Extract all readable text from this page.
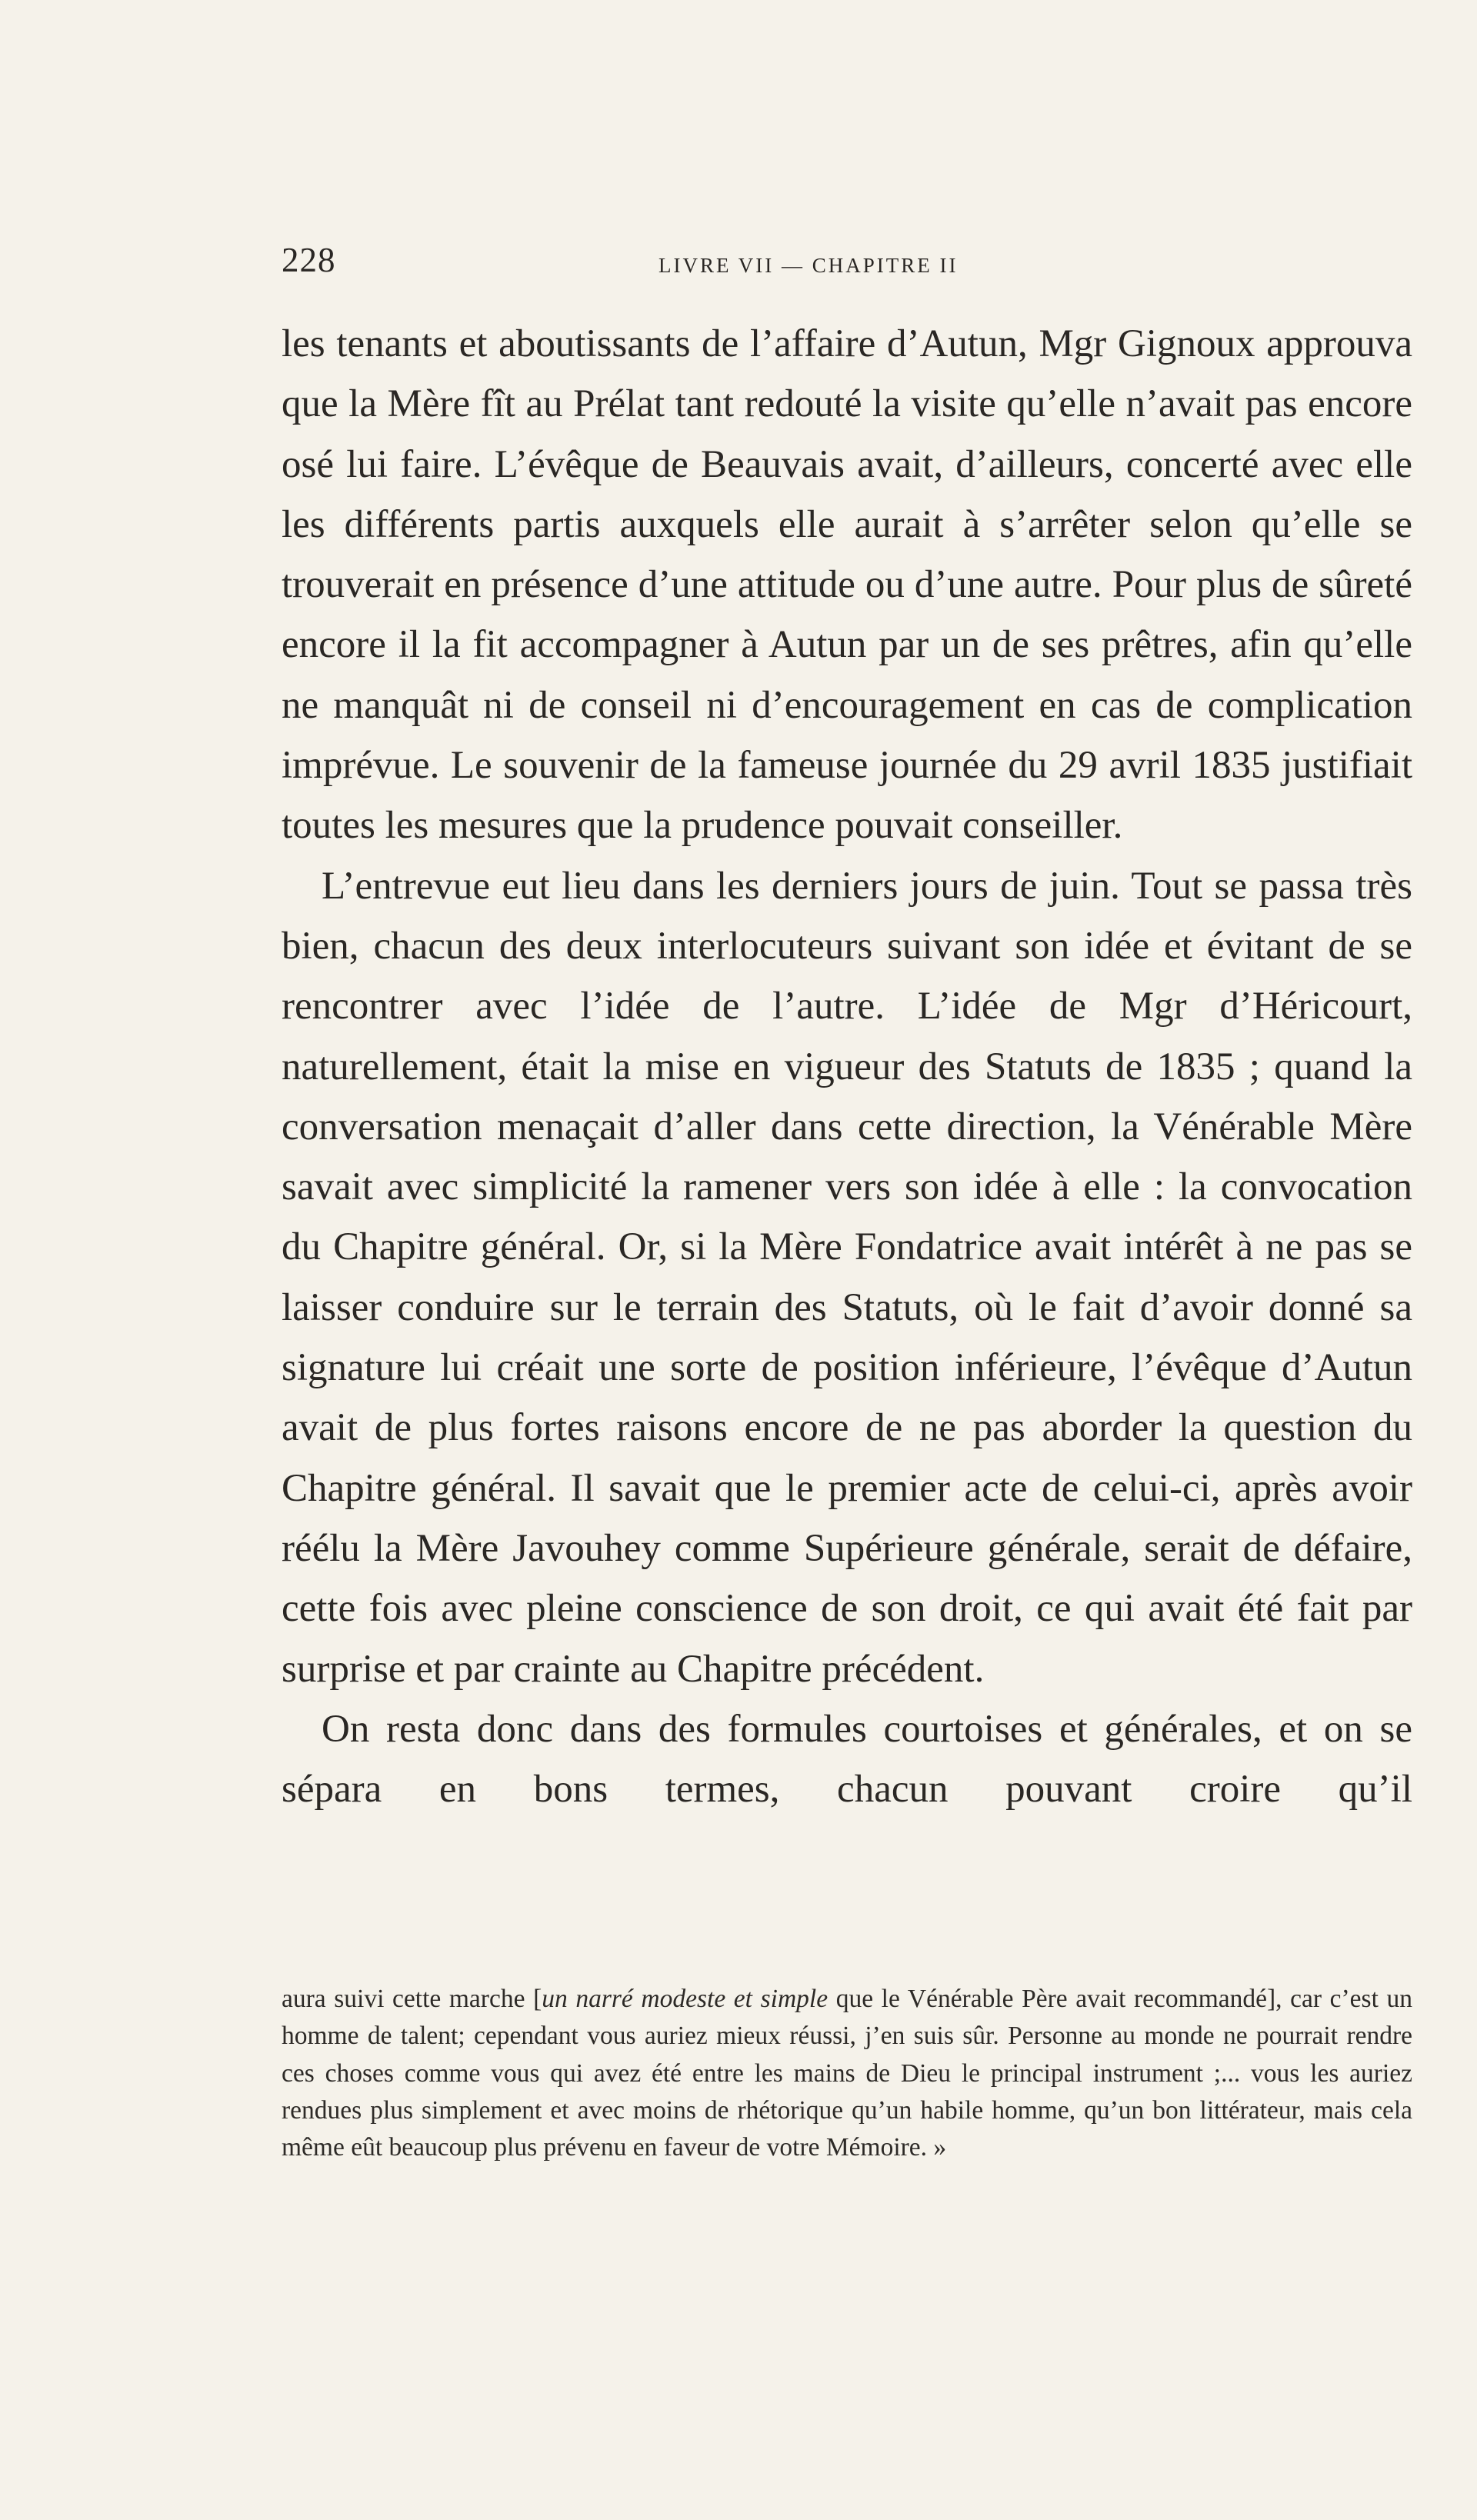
228	LIVRE VII — CHAPITRE II

les tenants et aboutissants de l’affaire d’Autun, Mgr Gignoux approuva que la Mère fît au Prélat tant redouté la visite qu’elle n’avait pas encore osé lui faire. L’évêque de Beauvais avait, d’ailleurs, concerté avec elle les différents partis auxquels elle aurait à s’arrêter selon qu’elle se trouverait en présence d’une attitude ou d’une autre. Pour plus de sûreté encore il la fit accompagner à Autun par un de ses prêtres, afin qu’elle ne manquât ni de conseil ni d’encouragement en cas de complication imprévue. Le souvenir de la fameuse journée du 29 avril 1835 justifiait toutes les mesures que la prudence pouvait conseiller.

L’entrevue eut lieu dans les derniers jours de juin. Tout se passa très bien, chacun des deux interlocuteurs suivant son idée et évitant de se rencontrer avec l’idée de l’autre. L’idée de Mgr d’Héricourt, naturellement, était la mise en vigueur des Statuts de 1835 ; quand la conversation menaçait d’aller dans cette direction, la Vénérable Mère savait avec simplicité la ramener vers son idée à elle : la convocation du Chapitre général. Or, si la Mère Fondatrice avait intérêt à ne pas se laisser conduire sur le terrain des Statuts, où le fait d’avoir donné sa signature lui créait une sorte de position inférieure, l’évêque d’Autun avait de plus fortes raisons encore de ne pas aborder la question du Chapitre général. Il savait que le premier acte de celui-ci, après avoir réélu la Mère Javouhey comme Supérieure générale, serait de défaire, cette fois avec pleine conscience de son droit, ce qui avait été fait par surprise et par crainte au Chapitre précédent.

On resta donc dans des formules courtoises et générales, et on se sépara en bons termes, chacun pouvant croire qu’il

aura suivi cette marche [un narré modeste et simple que le Vénérable Père avait recommandé], car c’est un homme de talent; cependant vous auriez mieux réussi, j’en suis sûr. Personne au monde ne pourrait rendre ces choses comme vous qui avez été entre les mains de Dieu le principal instrument ;... vous les auriez rendues plus simplement et avec moins de rhétorique qu’un habile homme, qu’un bon littérateur, mais cela même eût beaucoup plus prévenu en faveur de votre Mémoire. »
